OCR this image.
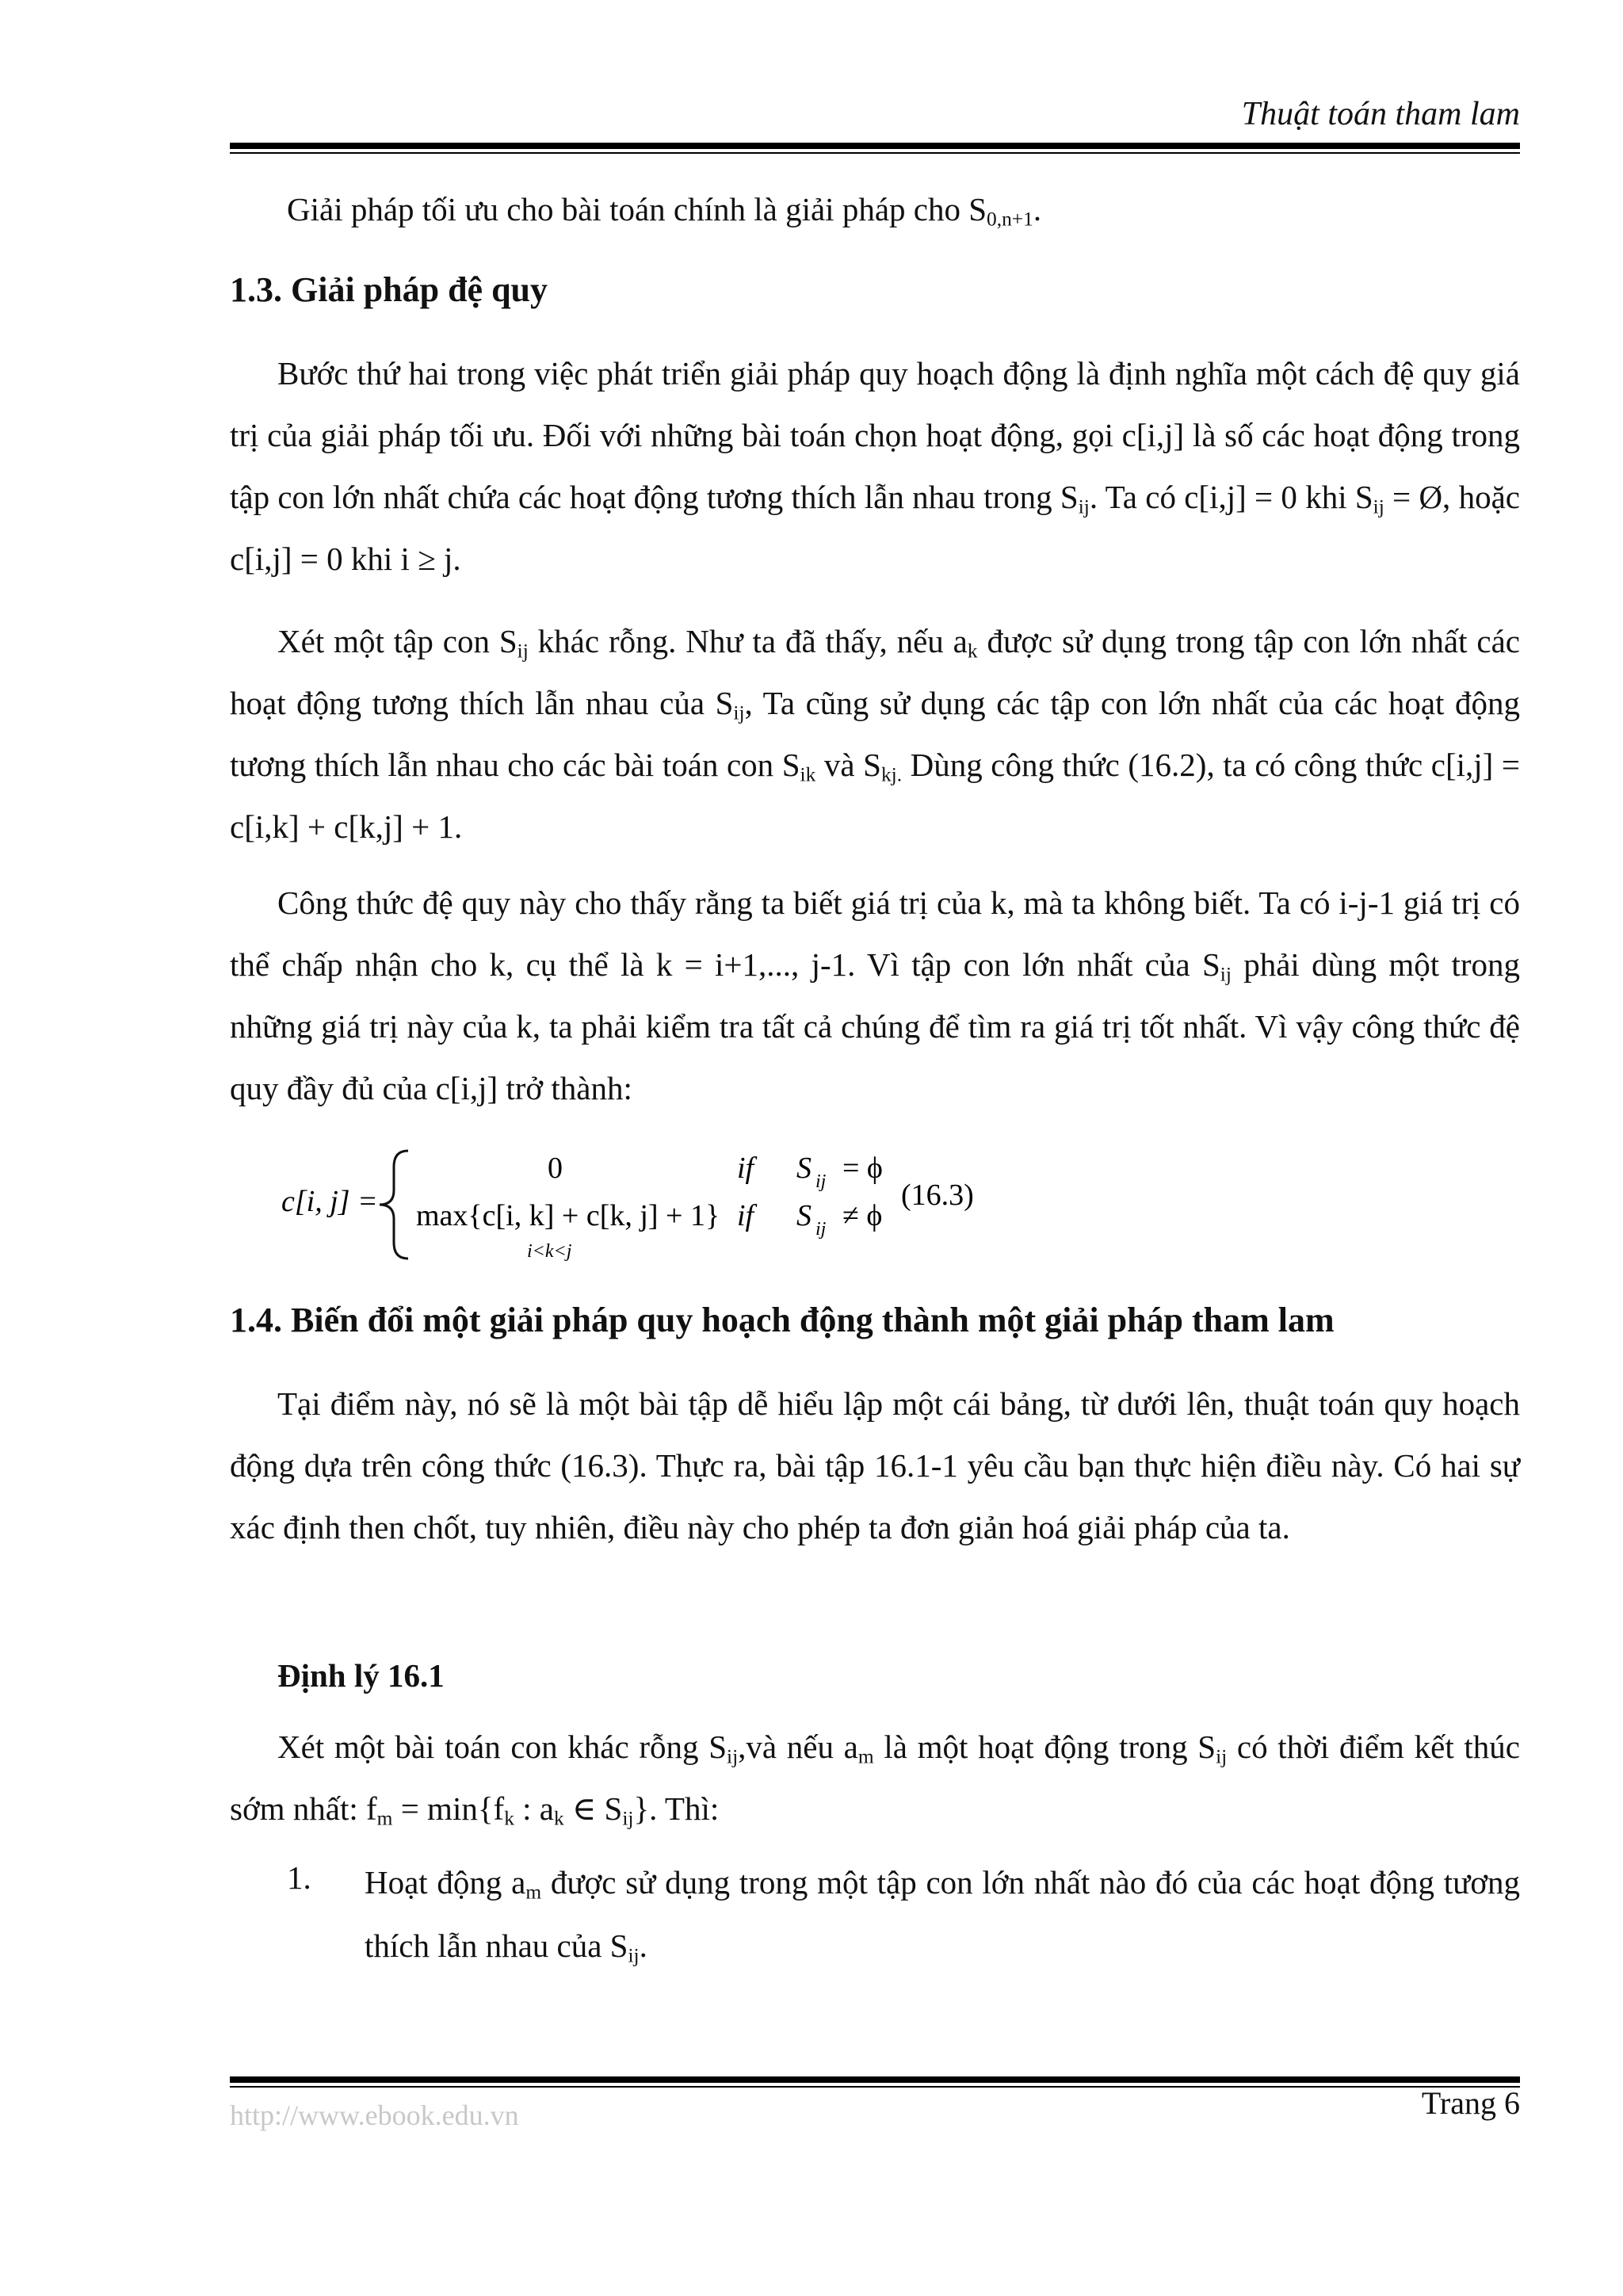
Thuật toán tham lam
Giải pháp tối ưu cho bài toán chính là giải pháp cho $S_{0,n+1}$.
1.3. Giải pháp đệ quy
Bước thứ hai trong việc phát triển giải pháp quy hoạch động là định nghĩa một cách đệ quy giá trị của giải pháp tối ưu. Đối với những bài toán chọn hoạt động, gọi c[i,j] là số các hoạt động trong tập con lớn nhất chứa các hoạt động tương thích lẫn nhau trong $S_{ij}$. Ta có c[i,j] = 0 khi $S_{ij}$ = Ø, hoặc c[i,j] = 0 khi i ≥ j.
Xét một tập con $S_{ij}$ khác rỗng. Như ta đã thấy, nếu $a_k$ được sử dụng trong tập con lớn nhất các hoạt động tương thích lẫn nhau của $S_{ij}$, Ta cũng sử dụng các tập con lớn nhất của các hoạt động tương thích lẫn nhau cho các bài toán con $S_{ik}$ và $S_{kj.}$ Dùng công thức (16.2), ta có công thức c[i,j] = c[i,k] + c[k,j] + 1.
Công thức đệ quy này cho thấy rằng ta biết giá trị của k, mà ta không biết. Ta có i-j-1 giá trị có thể chấp nhận cho k, cụ thể là k = i+1,..., j-1. Vì tập con lớn nhất của $S_{ij}$ phải dùng một trong những giá trị này của k, ta phải kiểm tra tất cả chúng để tìm ra giá trị tốt nhất. Vì vậy công thức đệ quy đầy đủ của c[i,j] trở thành:
c[i, j] =
0	if S ij = ϕ
max{c[i, k] + c[k, j] + 1}
i<k<j
if S ij ≠ ϕ
(16.3)
1.4. Biến đổi một giải pháp quy hoạch động thành một giải pháp tham lam
Tại điểm này, nó sẽ là một bài tập dễ hiểu lập một cái bảng, từ dưới lên, thuật toán quy hoạch động dựa trên công thức (16.3). Thực ra, bài tập 16.1-1 yêu cầu bạn thực hiện điều này. Có hai sự xác định then chốt, tuy nhiên, điều này cho phép ta đơn giản hoá giải pháp của ta.
Định lý 16.1
Xét một bài toán con khác rỗng $S_{ij},và$ nếu $a_m$ là một hoạt động trong $S_{ij}$ có thời điểm kết thúc sớm nhất: $f_m = \min\{f_k$ : $a_k$ ∈ $S_{ij}$}. Thì:
1. Hoạt động $a_m$ được sử dụng trong một tập con lớn nhất nào đó của các hoạt động tương thích lẫn nhau của $S_{ij}$.
http://www.ebook.edu.vn	Trang 6
